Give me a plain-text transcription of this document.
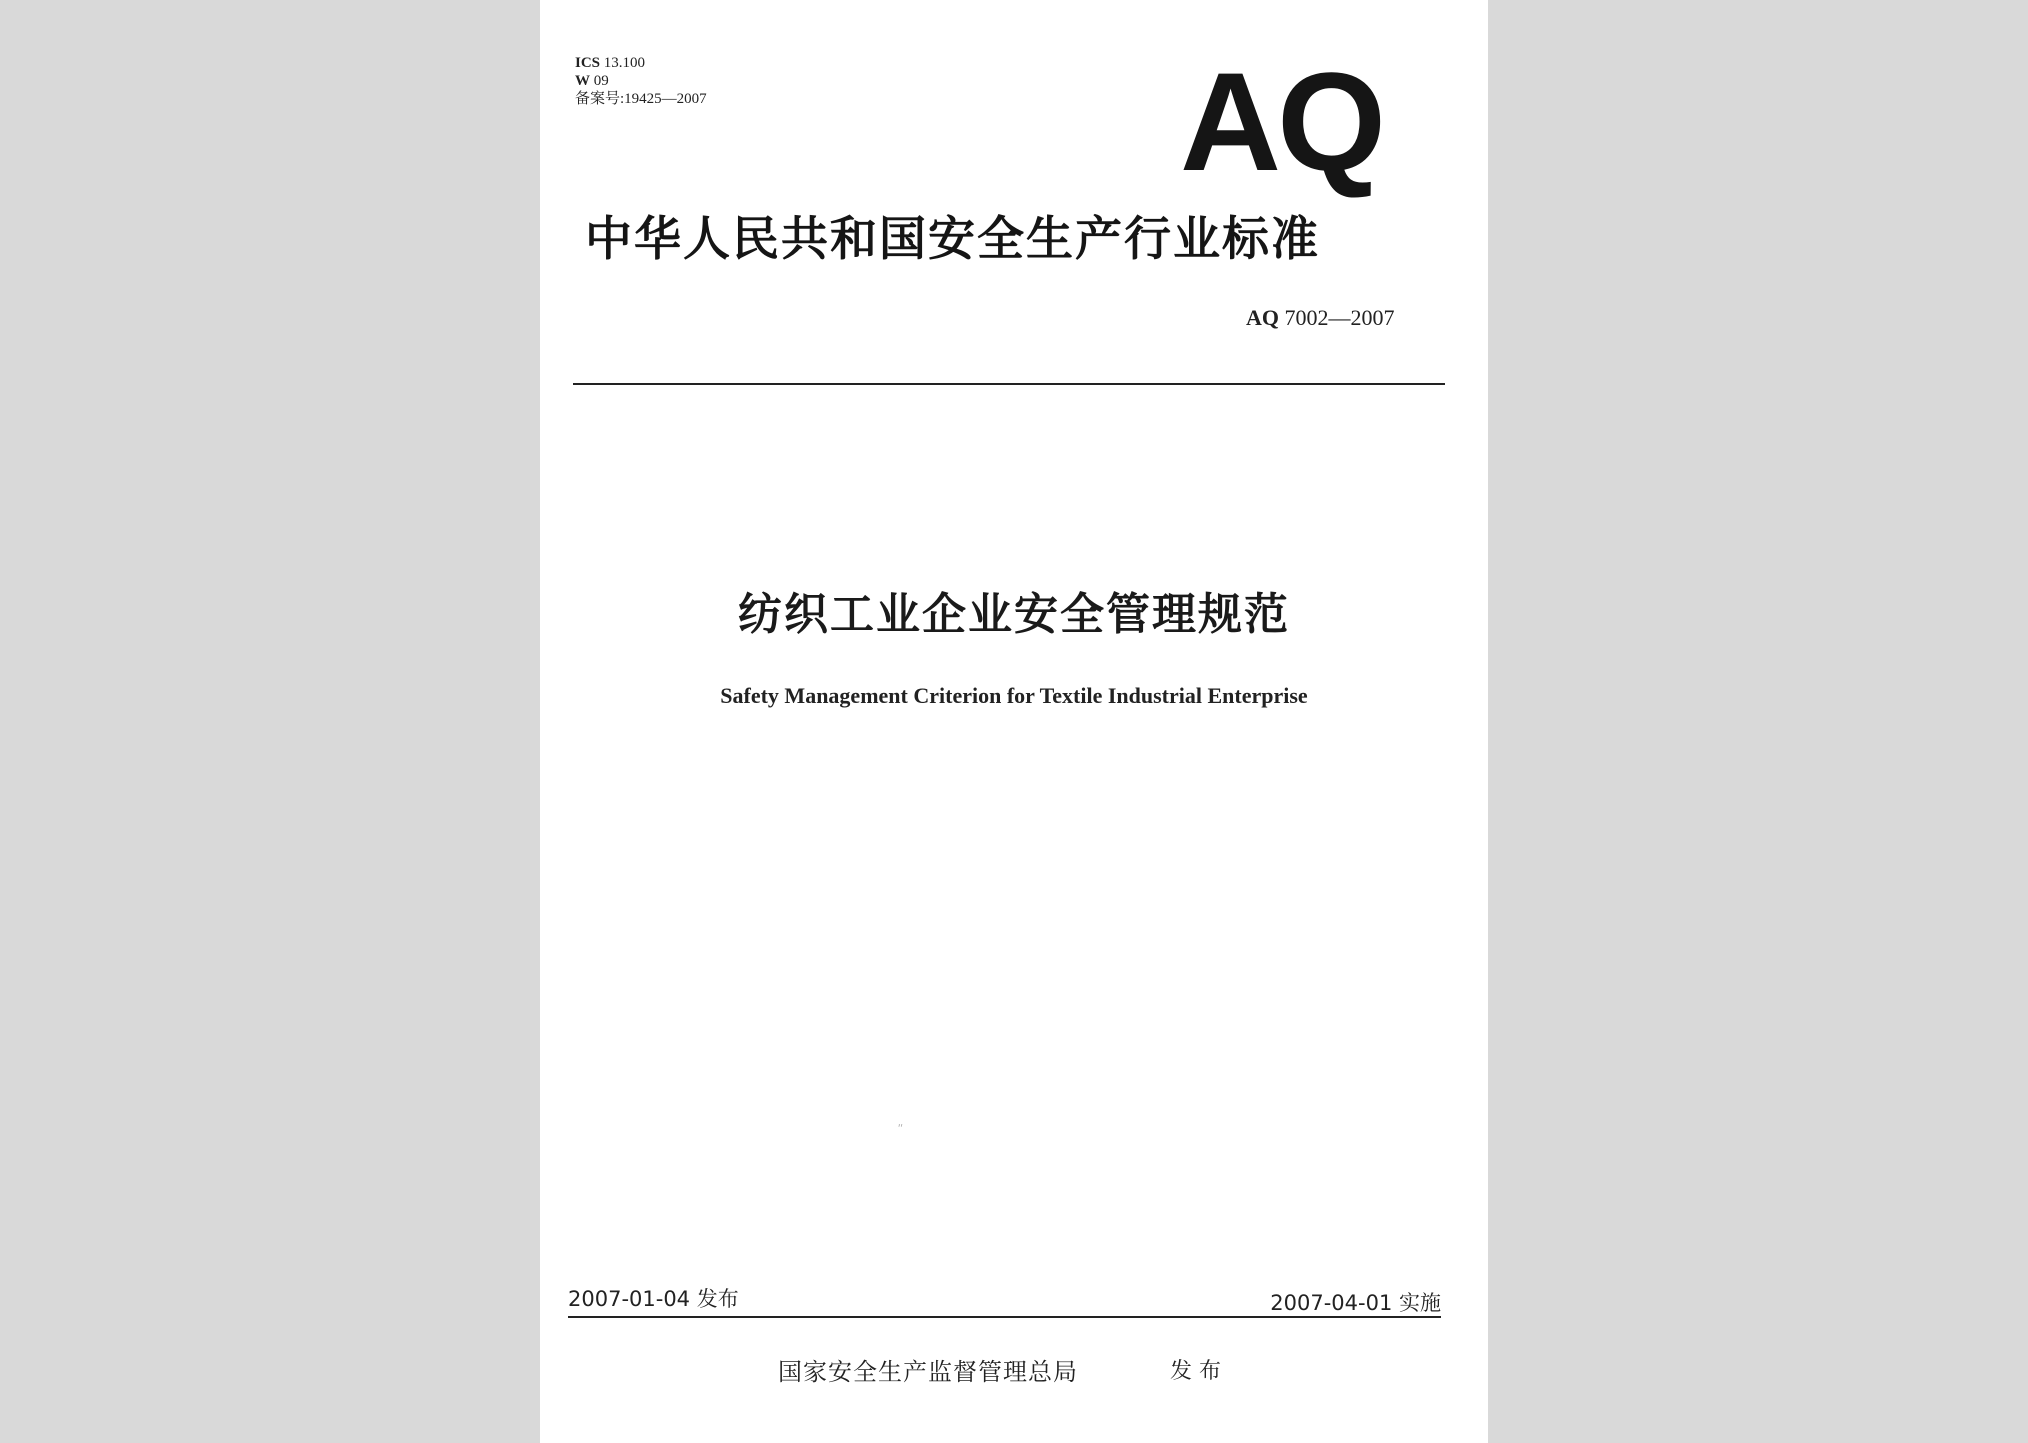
ICS 13.100
W 09
备案号:19425—2007	AQ
中华人民共和国安全生产行业标准
AQ 7002—2007
纺织工业企业安全管理规范
Safety Management Criterion for Textile Industrial Enterprise
ʺ
2007-01-04 发布	2007-04-01 实施
国家安全生产监督管理总局	发 布
